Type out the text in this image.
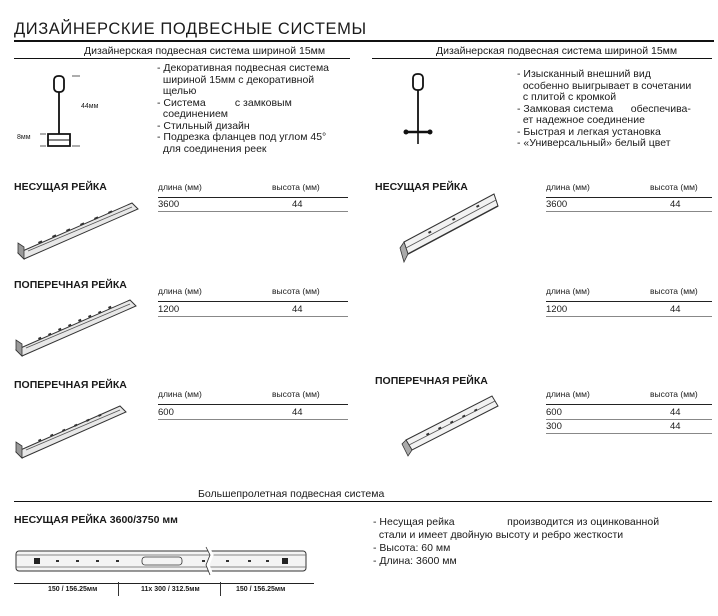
ДИЗАЙНЕРСКИЕ ПОДВЕСНЫЕ СИСТЕМЫ
Дизайнерская подвесная система шириной 15мм
44мм
8мм
- Декоративная подвесная система
шириной 15мм с декоративной
щелью
- Система          с замковым
соединением
- Стильный дизайн
- Подрезка фланцев под углом 45°
для соединения реек
Дизайнерская подвесная система шириной 15мм
- Изысканный внешний вид
особенно выигрывает в сочетании
с плитой с кромкой
- Замковая система      обеспечива-
ет надежное соединение
- Быстрая и легкая установка
- «Универсальный» белый цвет
НЕСУЩАЯ РЕЙКА	длина (мм)	высота (мм)
3600	44
ПОПЕРЕЧНАЯ РЕЙКА	длина (мм)	высота (мм)
1200	44
ПОПЕРЕЧНАЯ РЕЙКА
длина (мм)	высота (мм)
600	44
НЕСУЩАЯ РЕЙКА	длина (мм)	высота (мм)
3600	44
длина (мм)	высота (мм)
1200	44
ПОПЕРЕЧНАЯ РЕЙКА
длина (мм)	высота (мм)
600	44
300	44
Большепролетная подвесная система
НЕСУЩАЯ РЕЙКА 3600/3750 мм
150 / 156.25мм	11x 300 / 312.5мм	150 / 156.25мм
- Несущая рейка                  производится из оцинкованной
стали и имеет двойную высоту и ребро жесткости
- Высота: 60 мм
- Длина: 3600 мм
